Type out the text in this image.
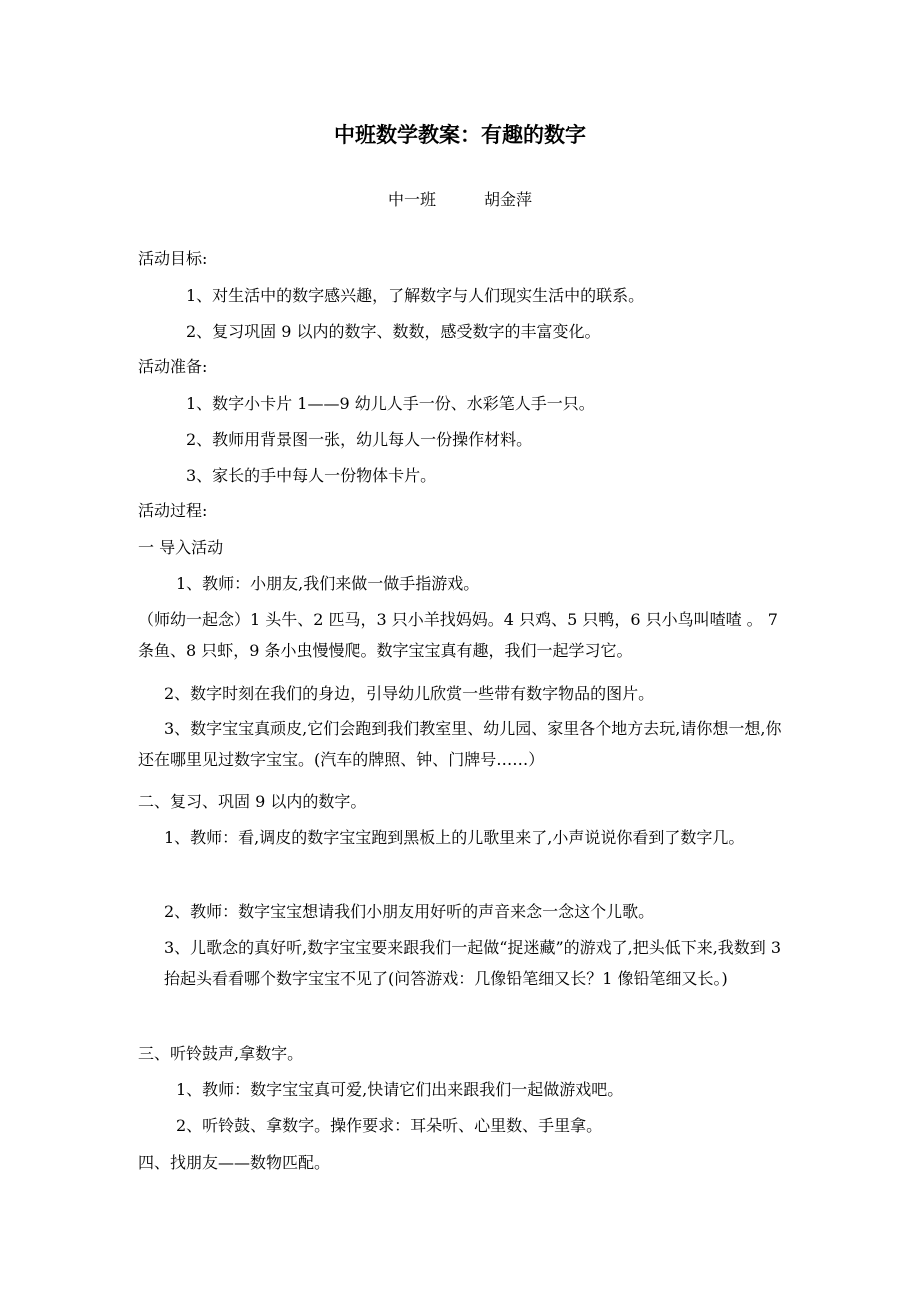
中班数学教案：有趣的数字
中一班	胡金萍
活动目标:
1、对生活中的数字感兴趣，了解数字与人们现实生活中的联系。
2、复习巩固 9 以内的数字、数数，感受数字的丰富变化。
活动准备:
1、数字小卡片 1——9 幼儿人手一份、水彩笔人手一只。
2、教师用背景图一张，幼儿每人一份操作材料。
3、家长的手中每人一份物体卡片。
活动过程:
一 导入活动
1、教师：小朋友,我们来做一做手指游戏。
（师幼一起念）1 头牛、2 匹马，3 只小羊找妈妈。4 只鸡、5 只鸭，6 只小鸟叫喳喳 。 7 条鱼、8 只虾，9 条小虫慢慢爬。数字宝宝真有趣，我们一起学习它。
2、数字时刻在我们的身边，引导幼儿欣赏一些带有数字物品的图片。
3、数字宝宝真顽皮,它们会跑到我们教室里、幼儿园、家里各个地方去玩,请你想一想,你还在哪里见过数字宝宝。(汽车的牌照、钟、门牌号……）
二、复习、巩固 9 以内的数字。
1、教师：看,调皮的数字宝宝跑到黑板上的儿歌里来了,小声说说你看到了数字几。
2、教师：数字宝宝想请我们小朋友用好听的声音来念一念这个儿歌。
3、儿歌念的真好听,数字宝宝要来跟我们一起做“捉迷藏”的游戏了,把头低下来,我数到 3 抬起头看看哪个数字宝宝不见了(问答游戏：几像铅笔细又长？1 像铅笔细又长。)
三、听铃鼓声,拿数字。
1、教师：数字宝宝真可爱,快请它们出来跟我们一起做游戏吧。
2、听铃鼓、拿数字。操作要求：耳朵听、心里数、手里拿。
四、找朋友——数物匹配。
